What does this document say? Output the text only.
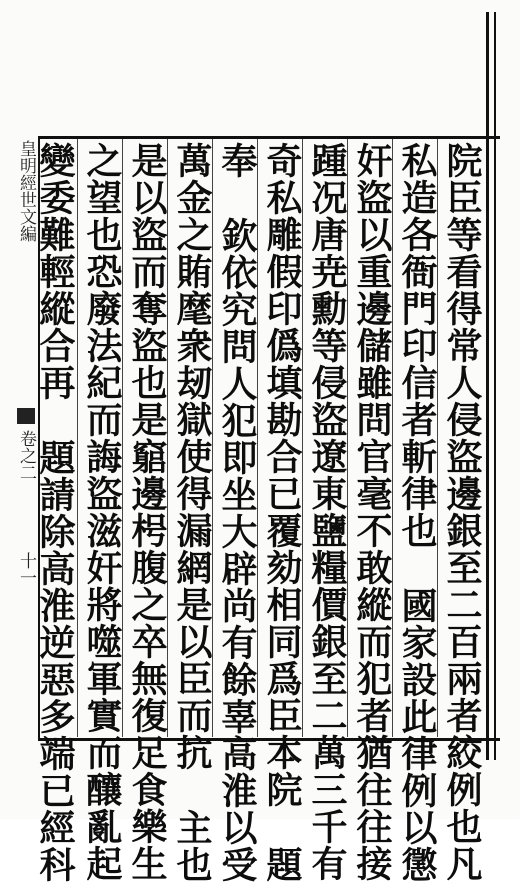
皇明經世文編
卷之二
十一	院臣等看得常人侵盜邊銀至二百兩者絞例也凡
私造各衙門印信者斬律也國家設此律例以懲
奸盜以重邊儲雖問官毫不敢縱而犯者猶往往接
踵况唐尭勳等侵盜遼東鹽糧價銀至二萬三千有
奇私雕假印僞填勘合已覆劾相同爲臣本院題
奉欽依究問人犯即坐大辟尚有餘辜高淮以受
萬金之賄麾衆刼獄使得漏網是以臣而抗主也
是以盜而奪盜也是竆邊枵腹之卒無復足食樂生
之望也恐廢法紀而誨盜滋奸將噬軍實而釀亂起
變委難輕縱合再題請除高淮逆惡多端已經科
